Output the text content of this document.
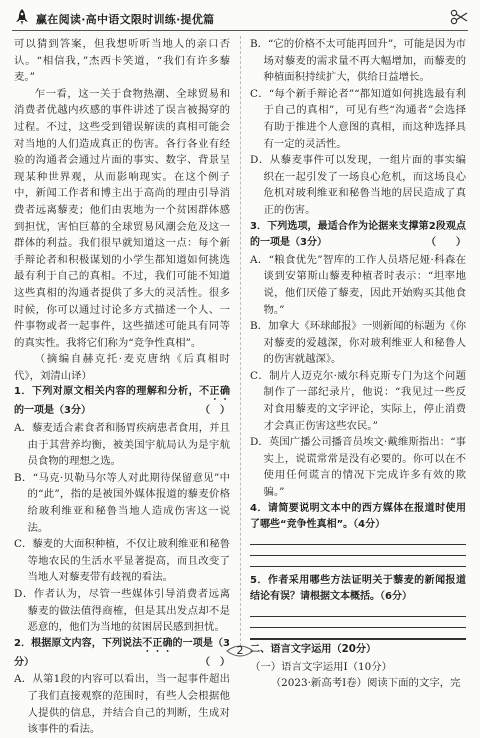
赢在阅读·高中语文限时训练·提优篇

可以猜到答案，但我想听听当地人的亲口否认。“相信我，”杰西卡笑道，“我们有许多藜麦。”

乍一看，这一关于食物热潮、全球贸易和消费者优越内疚感的事件讲述了误言被揭穿的过程。不过，这些受到错误解读的真相可能会对当地的人们造成真正的伤害。各行各业有经验的沟通者会通过片面的事实、数字、背景呈现某种世界观，从而影响现实。在这个例子中，新闻工作者和博主出于高尚的理由引导消费者远离藜麦；他们由衷地为一个贫困群体感到担忧，害怕巨幕的全球贸易风潮会危及这一群体的利益。我们很早就知道这一点：每个新手辩论者和积极谋划的小学生都知道如何挑选最有利于自己的真相。不过，我们可能不知道这些真相的沟通者提供了多大的灵活性。很多时候，你可以通过讨论多方式描述一个人、一件事物或者一起事件，这些描述可能具有同等的真实性。我将它们称为“竞争性真相”。

（摘编自赫克托·麦克唐纳《后真相时代》，刘清山译）

1．下列对原文相关内容的理解和分析，不正确的一项是（3分）	（　）

A．藜麦适合素食者和肠胃疾病患者食用，并且由于其营养均衡，被美国宇航局认为是宇航员食物的理想之选。

B．“马克·贝勒马尔等人对此期待保留意见”中的“此”，指的是被国外媒体报道的藜麦价格给玻利维亚和秘鲁当地人造成伤害这一说法。

C．藜麦的大面积种植，不仅让玻利维亚和秘鲁等地农民的生活水平显著提高，而且改变了当地人对藜麦带有歧视的看法。

D．作者认为，尽管一些媒体引导消费者远离藜麦的做法值得商榷，但是其出发点却不是恶意的，他们为当地的贫困居民感到担忧。

2．根据原文内容，下列说法不正确的一项是（3分）	（　）

A．从第1段的内容可以看出，当一起事件超出了我们直接观察的范围时，有些人会根据他人提供的信息，并结合自己的判断，生成对该事件的看法。

B．“它的价格不太可能再回升”，可能是因为市场对藜麦的需求量不再大幅增加，而藜麦的种植面积持续扩大，供给日益增长。

C．“每个新手辩论者”“都知道如何挑选最有利于自己的真相”，可见有些“沟通者”会选择有助于推进个人意图的真相，而这种选择具有一定的灵活性。

D．从藜麦事件可以发现，一组片面的事实编织在一起引发了一场良心危机，而这场良心危机对玻利维亚和秘鲁当地的居民造成了真正的伤害。

3．下列选项，最适合作为论据来支撑第2段观点的一项是（3分）	（　　）

A．“粮食优先”智库的工作人员塔尼娅·科森在谈到安第斯山藜麦种植者时表示：“坦率地说，他们厌倦了藜麦，因此开始购买其他食物。”

B．加拿大《环球邮报》一则新闻的标题为《你对藜麦的爱越深，你对玻利维亚人和秘鲁人的伤害就越深》。

C．制片人迈克尔·威尔科克斯专门为这个问题制作了一部纪录片，他说：“我见过一些反对食用藜麦的文字评论，实际上，停止消费才会真正伤害这些农民。”

D．英国广播公司播音员埃文·戴维斯指出：“事实上，说谎常常是没有必要的。你可以在不使用任何谎言的情况下完成许多有效的欺骗。”

4．请简要说明文本中的西方媒体在报道时使用了哪些“竞争性真相”。（4分）

5．作者采用哪些方法证明关于藜麦的新闻报道结论有误？请根据文本概括。（6分）

二、语言文字运用（20分）

（一）语言文字运用Ⅰ（10分）

（2023·新高考Ⅰ卷）阅读下面的文字，完

2
